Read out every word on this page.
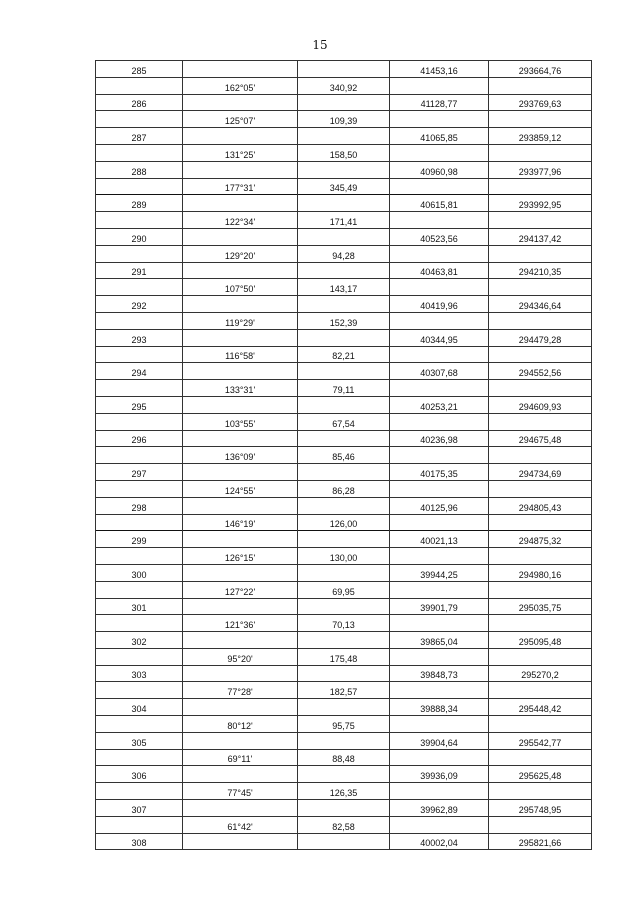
15
285			41453,16	293664,76
	162°05'	340,92		
286			41128,77	293769,63
	125°07'	109,39		
287			41065,85	293859,12
	131°25'	158,50		
288			40960,98	293977,96
	177°31'	345,49		
289			40615,81	293992,95
	122°34'	171,41		
290			40523,56	294137,42
	129°20'	94,28		
291			40463,81	294210,35
	107°50'	143,17		
292			40419,96	294346,64
	119°29'	152,39		
293			40344,95	294479,28
	116°58'	82,21		
294			40307,68	294552,56
	133°31'	79,11		
295			40253,21	294609,93
	103°55'	67,54		
296			40236,98	294675,48
	136°09'	85,46		
297			40175,35	294734,69
	124°55'	86,28		
298			40125,96	294805,43
	146°19'	126,00		
299			40021,13	294875,32
	126°15'	130,00		
300			39944,25	294980,16
	127°22'	69,95		
301			39901,79	295035,75
	121°36'	70,13		
302			39865,04	295095,48
	95°20'	175,48		
303			39848,73	295270,2
	77°28'	182,57		
304			39888,34	295448,42
	80°12'	95,75		
305			39904,64	295542,77
	69°11'	88,48		
306			39936,09	295625,48
	77°45'	126,35		
307			39962,89	295748,95
	61°42'	82,58		
308			40002,04	295821,66
